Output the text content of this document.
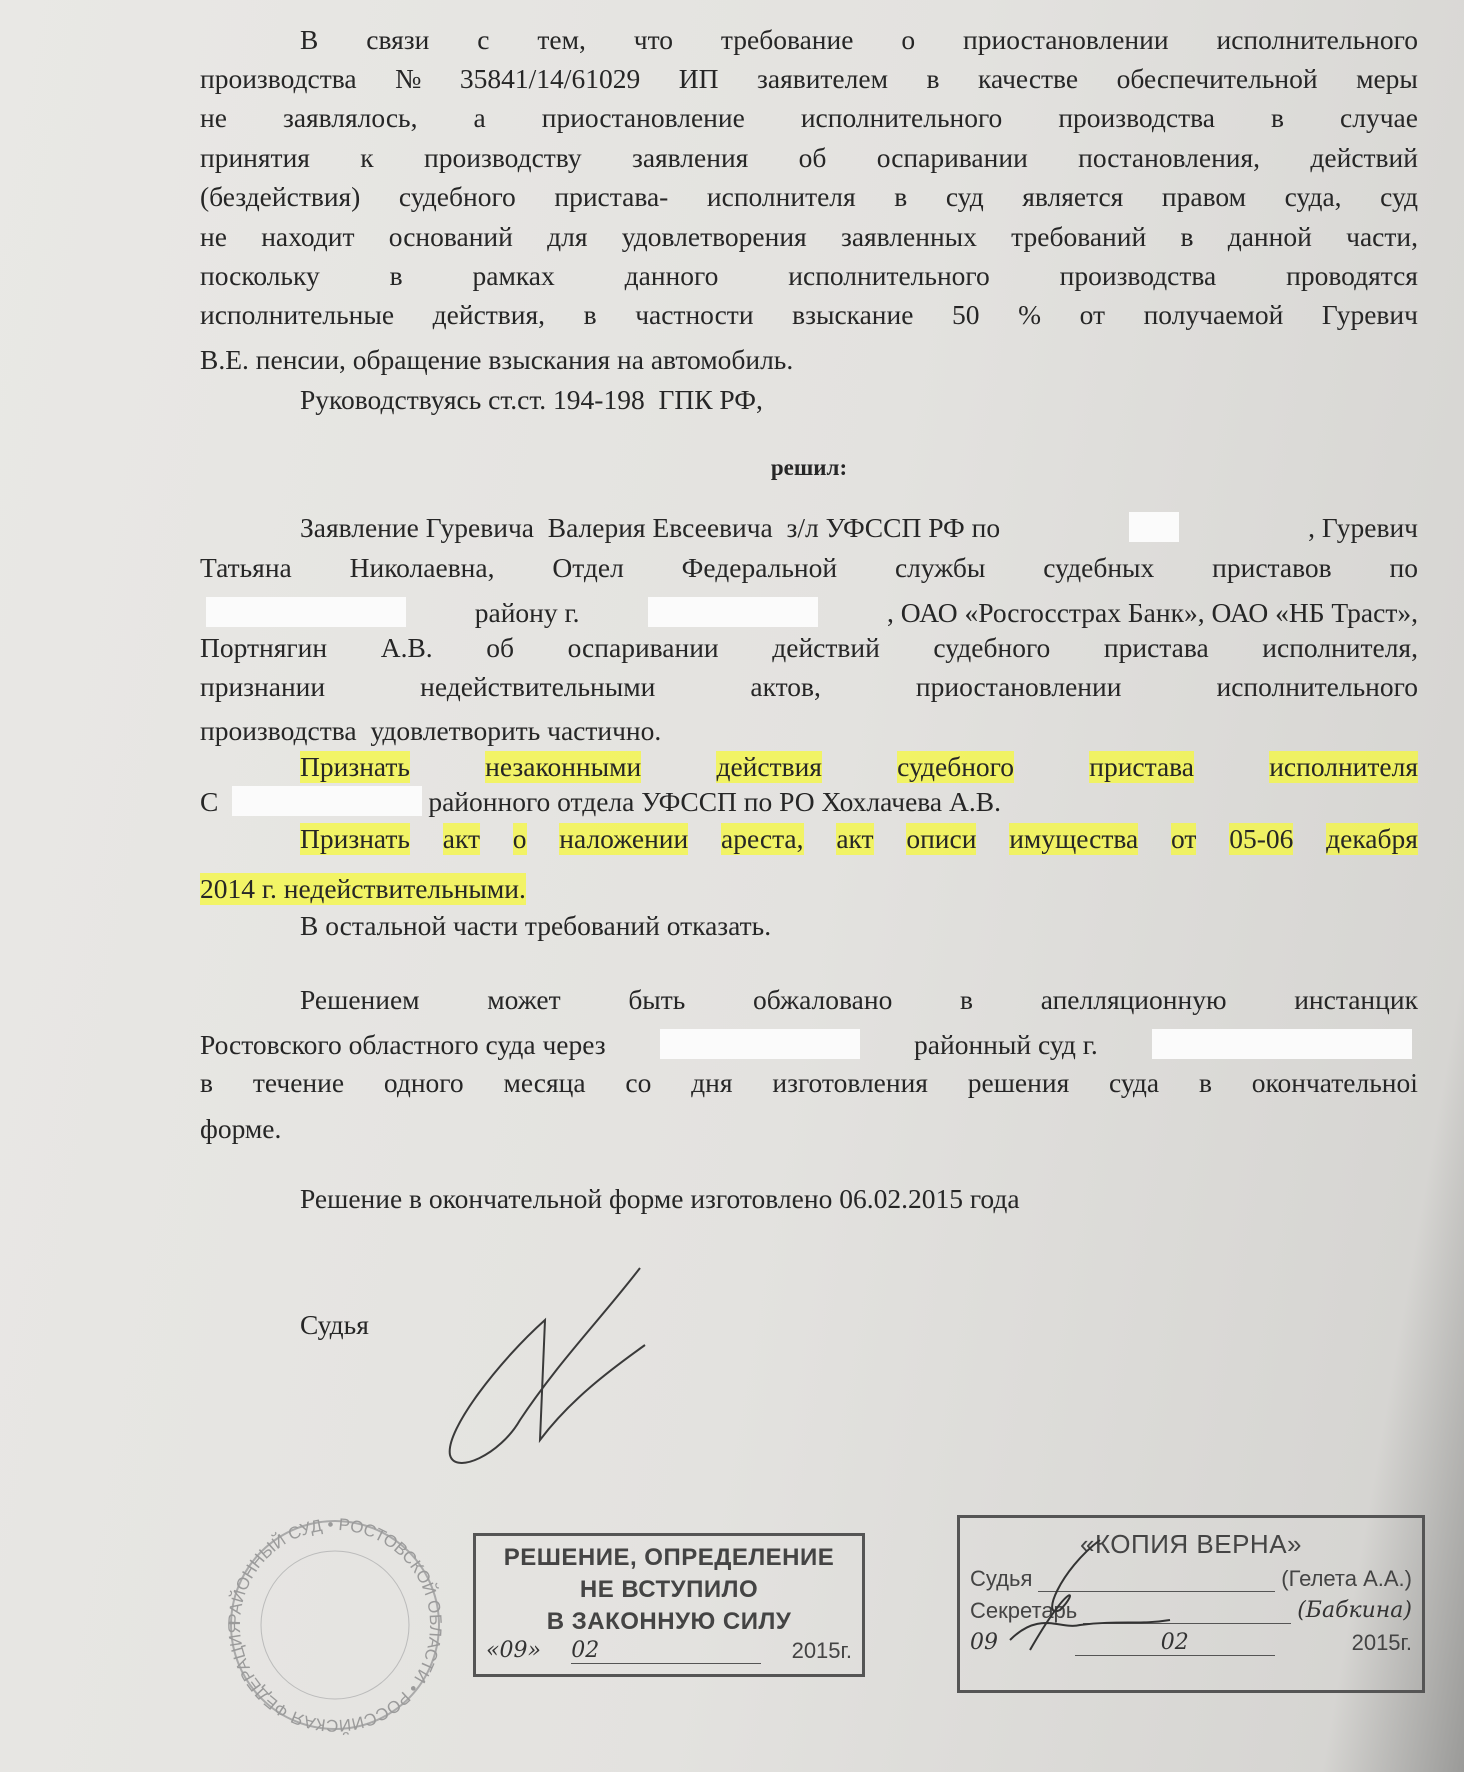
В связи с тем, что требование о приостановлении исполнительного
производства № 35841/14/61029 ИП заявителем в качестве обеспечительной меры
не заявлялось, а приостановление исполнительного производства в случае
принятия к производству заявления об оспаривании постановления, действий
(бездействия) судебного пристава- исполнителя в суд является правом суда, суд
не находит оснований для удовлетворения заявленных требований в данной части,
поскольку	в	рамках	данного	исполнительного	производства	проводятся
исполнительные действия, в частности взыскание 50 % от получаемой Гуревич
В.Е. пенсии, обращение взыскания на автомобиль.
Руководствуясь ст.ст. 194-198  ГПК РФ,
решил:
Заявление Гуревича  Валерия Евсеевича  з/л УФССП РФ по	, Гуревич
Татьяна Николаевна, Отдел Федеральной службы судебных приставов по
району г.	, ОАО «Росгосстрах Банк», ОАО «НБ Траст»,
Портнягин А.В. об оспаривании действий судебного пристава исполнителя,
признании	недействительными	актов,	приостановлении	исполнительного
производства  удовлетворить частично.
Признать	незаконными	действия	судебного	пристава	исполнителя
С	районного отдела УФССП по РО Хохлачева А.В.
Признать акт о наложении ареста, акт описи имущества от 05-06 декабря
2014 г. недействительными.
В остальной части требований отказать.
Решением может быть обжалованo в апелляционную инстанцик
Ростовского областного суда через	районный суд г.
в течение одного месяца со дня изготовления решения суда в окончательноі
форме.
Решение в окончательной форме изготовлено 06.02.2015 года
Судья
РАЙОННЫЙ СУД • РОСТОВСКОЙ ОБЛАСТИ • РОССИЙСКАЯ ФЕДЕРАЦИЯ
РЕШЕНИЕ, ОПРЕДЕЛЕНИЕ
НЕ ВСТУПИЛО
В ЗАКОННУЮ СИЛУ
«09» 02	2015г.
«КОПИЯ ВЕРНА»
Судья	(Гелета А.А.)
Секретарь	(Бабкина)
09	02	2015г.
